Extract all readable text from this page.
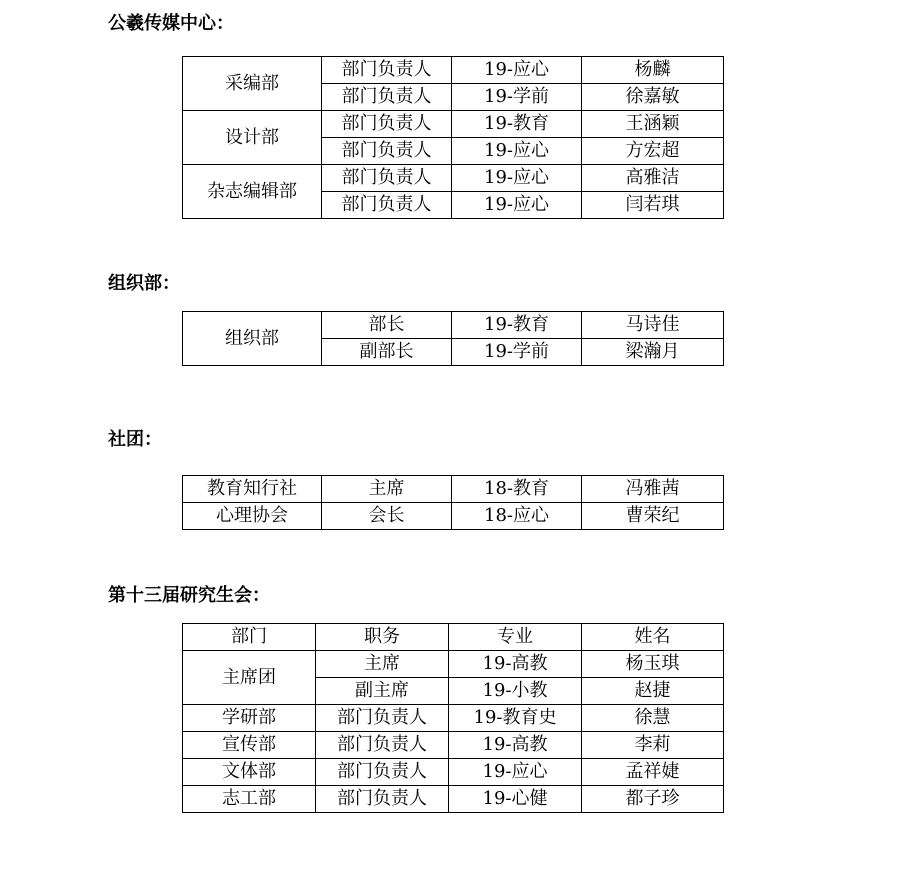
公羲传媒中心：
采编部	部门负责人	19-应心	杨麟
	部门负责人	19-学前	徐嘉敏
设计部	部门负责人	19-教育	王涵颖
	部门负责人	19-应心	方宏超
杂志编辑部	部门负责人	19-应心	高雅洁
	部门负责人	19-应心	闫若琪
组织部：
组织部	部长	19-教育	马诗佳
	副部长	19-学前	梁瀚月
社团：
教育知行社	主席	18-教育	冯雅茜
心理协会	会长	18-应心	曹荣纪
第十三届研究生会：
部门	职务	专业	姓名
主席团	主席	19-高教	杨玉琪
	副主席	19-小教	赵捷
学研部	部门负责人	19-教育史	徐慧
宣传部	部门负责人	19-高教	李莉
文体部	部门负责人	19-应心	孟祥婕
志工部	部门负责人	19-心健	都子珍
